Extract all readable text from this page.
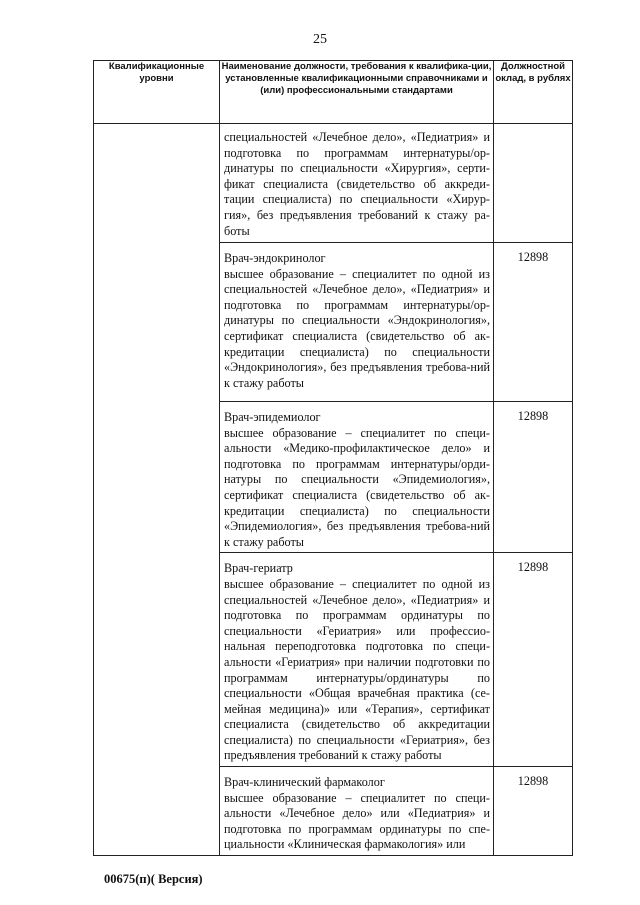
25
Квалификационные уровни	Наименование должности, требования к квалифика-ции, установленные квалификационными справочниками и (или) профессиональными стандартами	Должностной оклад, в рублях

	специальностей «Лечебное дело», «Педиатрия» и подготовка по программам интернатуры/ор-динатуры по специальности «Хирургия», серти-фикат специалиста (свидетельство об аккреди-тации специалиста) по специальности «Хирур-гия», без предъявления требований к стажу ра-боты	

	Врач-эндокринолог
высшее образование – специалитет по одной из специальностей «Лечебное дело», «Педиатрия» и подготовка по программам интернатуры/ор-динатуры по специальности «Эндокринология», сертификат специалиста (свидетельство об ак-кредитации специалиста) по специальности «Эндокринология», без предъявления требова-ний к стажу работы	12898

	Врач-эпидемиолог
высшее образование – специалитет по специ-альности «Медико-профилактическое дело» и подготовка по программам интернатуры/орди-натуры по специальности «Эпидемиология», сертификат специалиста (свидетельство об ак-кредитации специалиста) по специальности «Эпидемиология», без предъявления требова-ний к стажу работы	12898

	Врач-гериатр
высшее образование – специалитет по одной из специальностей «Лечебное дело», «Педиатрия» и подготовка по программам ординатуры по специальности «Гериатрия» или профессио-нальная переподготовка подготовка по специ-альности «Гериатрия» при наличии подготовки по программам интернатуры/ординатуры по специальности «Общая врачебная практика (се-мейная медицина)» или «Терапия», сертификат специалиста (свидетельство об аккредитации специалиста) по специальности «Гериатрия», без предъявления требований к стажу работы	12898

	Врач-клинический фармаколог
высшее образование – специалитет по специ-альности «Лечебное дело» или «Педиатрия» и подготовка по программам ординатуры по спе-циальности «Клиническая фармакология» или	12898
00675(п)( Версия)
